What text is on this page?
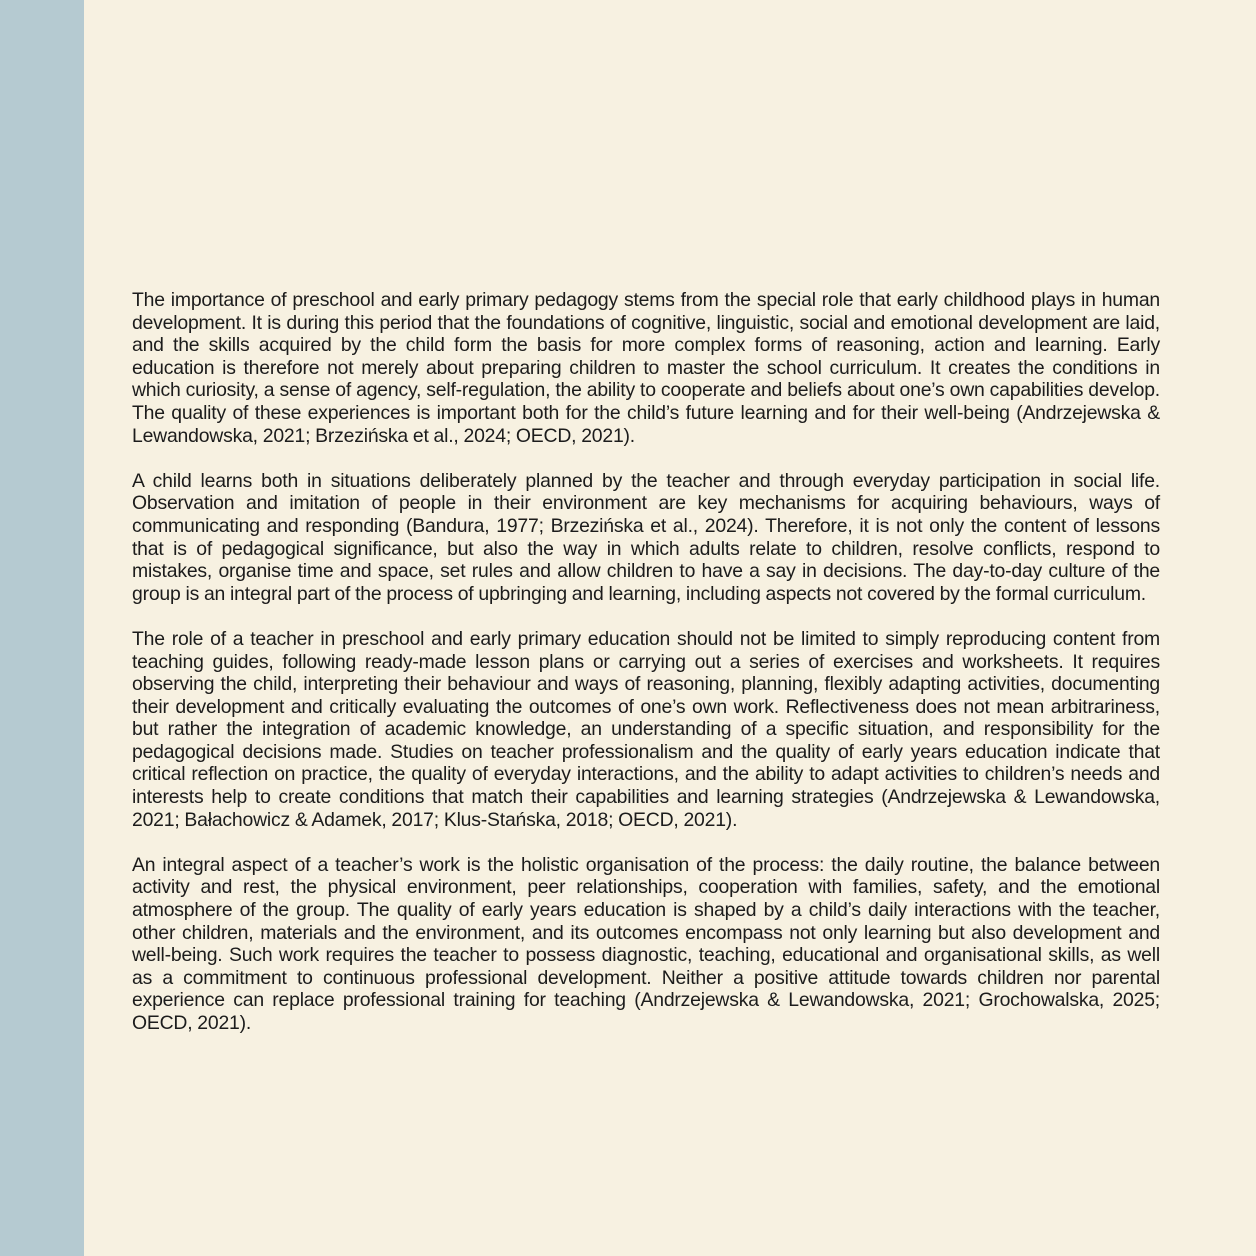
The importance of preschool and early primary pedagogy stems from the special role that early childhood plays in human development. It is during this period that the foundations of cognitive, linguistic, social and emotional development are laid, and the skills acquired by the child form the basis for more complex forms of reasoning, action and learning. Early education is therefore not merely about preparing children to master the school curriculum. It creates the conditions in which curiosity, a sense of agency, self-regulation, the ability to cooperate and beliefs about one’s own capabilities develop. The quality of these experiences is important both for the child’s future learning and for their well-being (Andrzejewska & Lewandowska, 2021; Brzezińska et al., 2024; OECD, 2021).

A child learns both in situations deliberately planned by the teacher and through everyday participation in social life. Observation and imitation of people in their environment are key mechanisms for acquiring behaviours, ways of communicating and responding (Bandura, 1977; Brzezińska et al., 2024). Therefore, it is not only the content of lessons that is of pedagogical significance, but also the way in which adults relate to children, resolve conflicts, respond to mistakes, organise time and space, set rules and allow children to have a say in decisions. The day-to-day culture of the group is an integral part of the process of upbringing and learning, including aspects not covered by the formal curriculum.

The role of a teacher in preschool and early primary education should not be limited to simply reproducing content from teaching guides, following ready-made lesson plans or carrying out a series of exercises and worksheets. It requires observing the child, interpreting their behaviour and ways of reasoning, planning, flexibly adapting activities, documenting their development and critically evaluating the outcomes of one’s own work. Reflectiveness does not mean arbitrariness, but rather the integration of academic knowledge, an understanding of a specific situation, and responsibility for the pedagogical decisions made. Studies on teacher professionalism and the quality of early years education indicate that critical reflection on practice, the quality of everyday interactions, and the ability to adapt activities to children’s needs and interests help to create conditions that match their capabilities and learning strategies (Andrzejewska & Lewandowska, 2021; Bałachowicz & Adamek, 2017; Klus-Stańska, 2018; OECD, 2021).

An integral aspect of a teacher’s work is the holistic organisation of the process: the daily routine, the balance between activity and rest, the physical environment, peer relationships, cooperation with families, safety, and the emotional atmosphere of the group. The quality of early years education is shaped by a child’s daily interactions with the teacher, other children, materials and the environment, and its outcomes encompass not only learning but also development and well-being. Such work requires the teacher to possess diagnostic, teaching, educational and organisational skills, as well as a commitment to continuous professional development. Neither a positive attitude towards children nor parental experience can replace professional training for teaching (Andrzejewska & Lewandowska, 2021; Grochowalska, 2025; OECD, 2021).
